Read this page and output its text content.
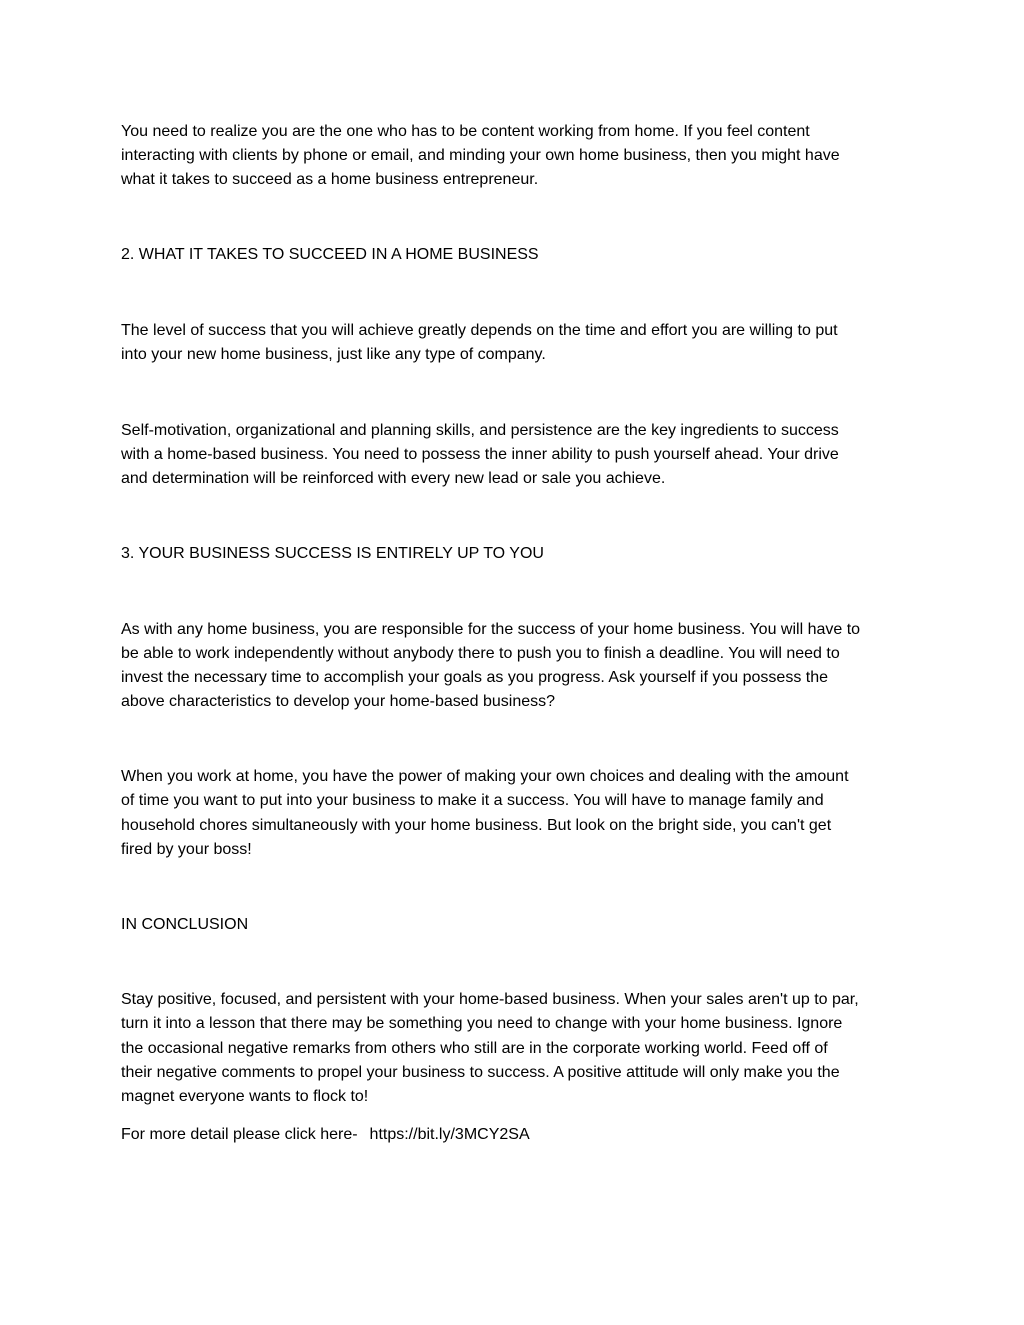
You need to realize you are the one who has to be content working from home. If you feel content
interacting with clients by phone or email, and minding your own home business, then you might have
what it takes to succeed as a home business entrepreneur.
2. WHAT IT TAKES TO SUCCEED IN A HOME BUSINESS
The level of success that you will achieve greatly depends on the time and effort you are willing to put
into your new home business, just like any type of company.
Self-motivation, organizational and planning skills, and persistence are the key ingredients to success
with a home-based business. You need to possess the inner ability to push yourself ahead. Your drive
and determination will be reinforced with every new lead or sale you achieve.
3. YOUR BUSINESS SUCCESS IS ENTIRELY UP TO YOU
As with any home business, you are responsible for the success of your home business. You will have to
be able to work independently without anybody there to push you to finish a deadline. You will need to
invest the necessary time to accomplish your goals as you progress. Ask yourself if you possess the
above characteristics to develop your home-based business?
When you work at home, you have the power of making your own choices and dealing with the amount
of time you want to put into your business to make it a success. You will have to manage family and
household chores simultaneously with your home business. But look on the bright side, you can't get
fired by your boss!
IN CONCLUSION
Stay positive, focused, and persistent with your home-based business. When your sales aren't up to par,
turn it into a lesson that there may be something you need to change with your home business. Ignore
the occasional negative remarks from others who still are in the corporate working world. Feed off of
their negative comments to propel your business to success. A positive attitude will only make you the
magnet everyone wants to flock to!
For more detail please click here- https://bit.ly/3MCY2SA
